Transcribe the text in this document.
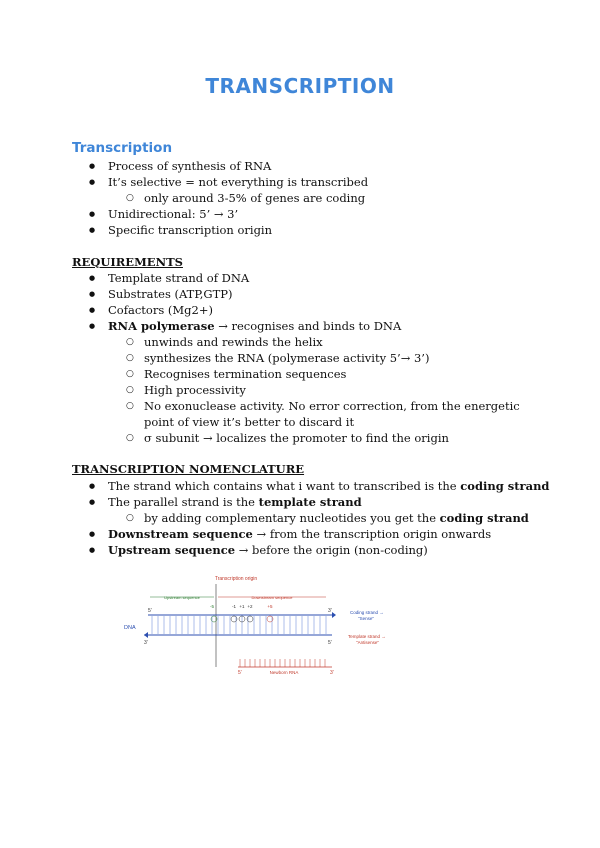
TRANSCRIPTION
Transcription
● Process of synthesis of RNA
● It’s selective = not everything is transcribed
○ only around 3-5% of genes are coding
● Unidirectional: 5’ → 3’
● Specific transcription origin
REQUIREMENTS
● Template strand of DNA
● Substrates (ATP,GTP)
● Cofactors (Mg2+)
● RNA polymerase → recognises and binds to DNA
○ unwinds and rewinds the helix
○ synthesizes the RNA (polymerase activity 5’→ 3’)
○ Recognises termination sequences
○ High processivity
○ No exonuclease activity. No error correction, from the energetic point of view it’s better to discard it
○ σ subunit → localizes the promoter to find the origin
TRANSCRIPTION NOMENCLATURE
● The strand which contains what i want to transcribed is the coding strand
● The parallel strand is the template strand
○ by adding complementary nucleotides you get the coding strand
● Downstream sequence → from the transcription origin onwards
● Upstream sequence → before the origin (non-coding)
Transcription origin
Upstream sequence	Downstream sequence
-5	-1 +1 +2	+5
5’	3’
3’	5’
DNA
Coding strand →
"Sense"
Template strand →
"Antisense"
5’	3’
Newborn RNA
